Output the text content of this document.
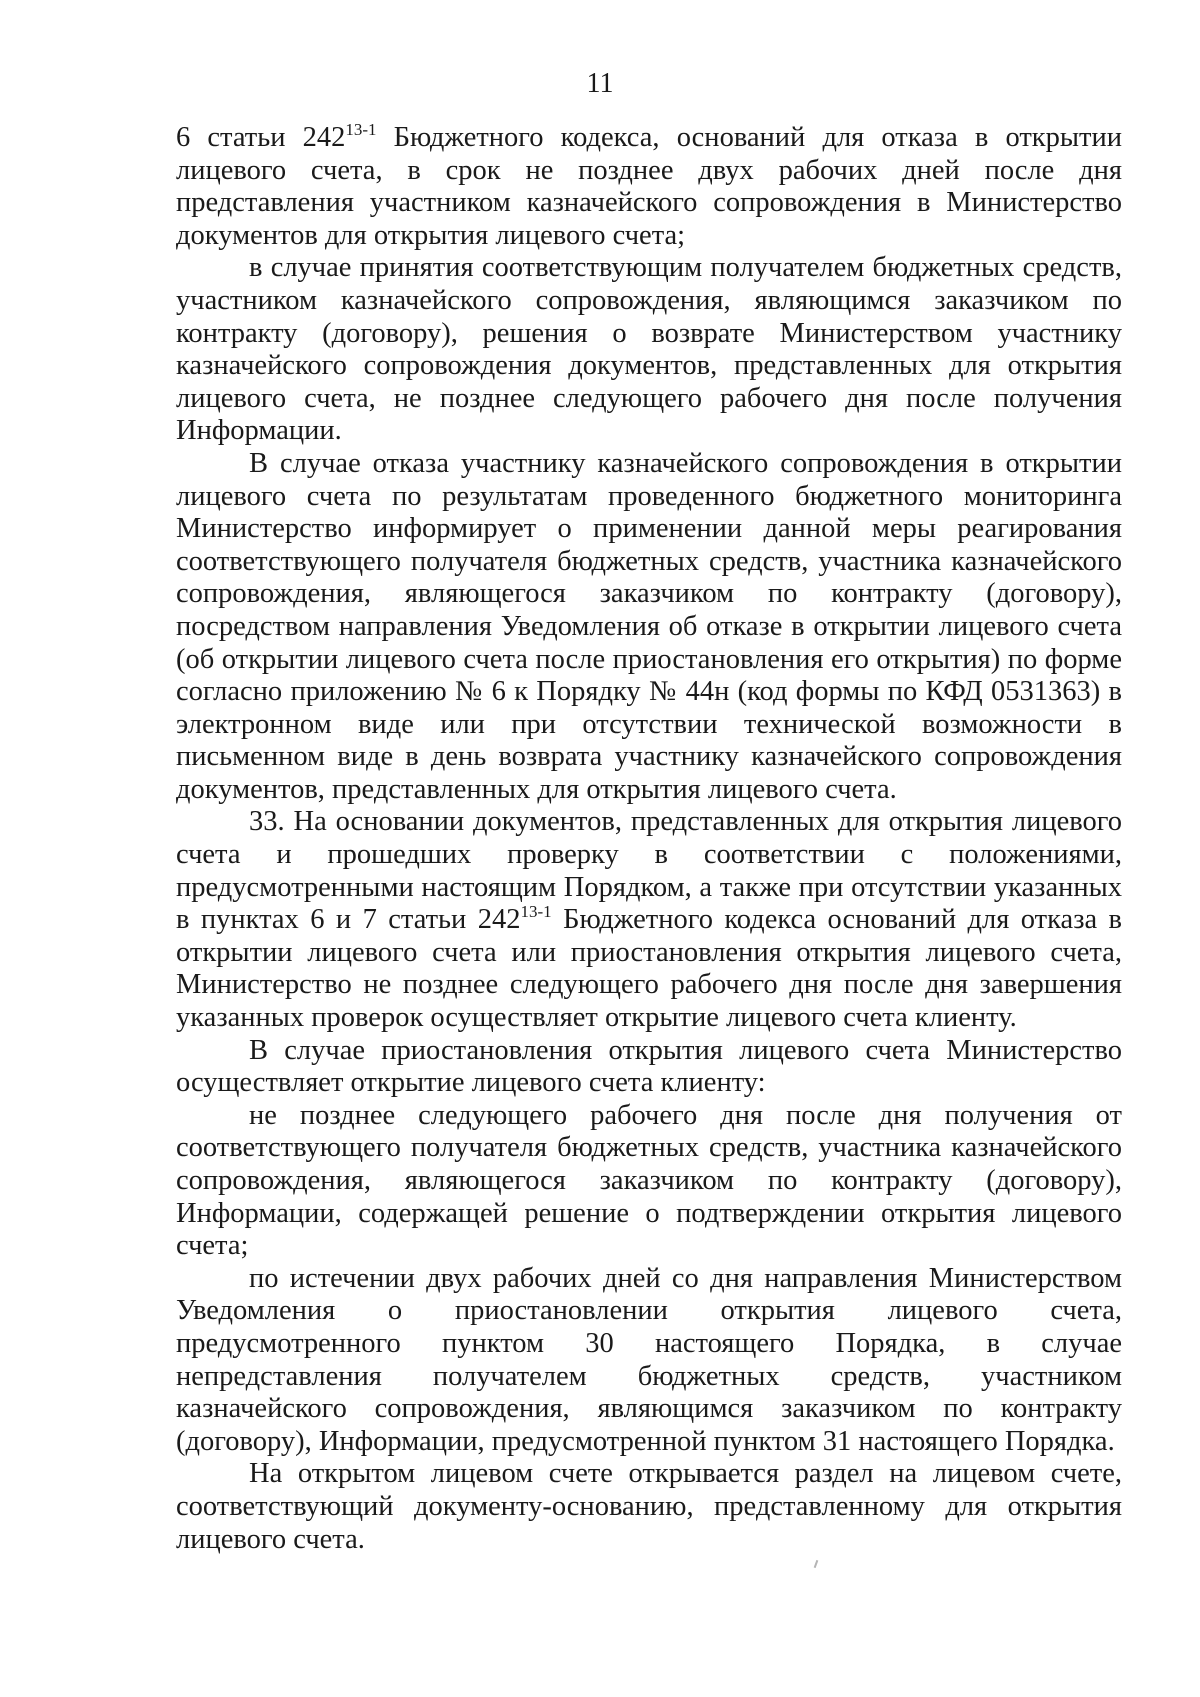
11

6 статьи 242$^{13-1}$ Бюджетного кодекса, оснований для отказа в открытии лицевого счета, в срок не позднее двух рабочих дней после дня представления участником казначейского сопровождения в Министерство документов для открытия лицевого счета;

в случае принятия соответствующим получателем бюджетных средств, участником казначейского сопровождения, являющимся заказчиком по контракту (договору), решения о возврате Министерством участнику казначейского сопровождения документов, представленных для открытия лицевого счета, не позднее следующего рабочего дня после получения Информации.

В случае отказа участнику казначейского сопровождения в открытии лицевого счета по результатам проведенного бюджетного мониторинга Министерство информирует о применении данной меры реагирования соответствующего получателя бюджетных средств, участника казначейского сопровождения, являющегося заказчиком по контракту (договору), посредством направления Уведомления об отказе в открытии лицевого счета (об открытии лицевого счета после приостановления его открытия) по форме согласно приложению № 6 к Порядку № 44н (код формы по КФД 0531363) в электронном виде или при отсутствии технической возможности в письменном виде в день возврата участнику казначейского сопровождения документов, представленных для открытия лицевого счета.

33. На основании документов, представленных для открытия лицевого счета и прошедших проверку в соответствии с положениями, предусмотренными настоящим Порядком, а также при отсутствии указанных в пунктах 6 и 7 статьи 242$^{13-1}$ Бюджетного кодекса оснований для отказа в открытии лицевого счета или приостановления открытия лицевого счета, Министерство не позднее следующего рабочего дня после дня завершения указанных проверок осуществляет открытие лицевого счета клиенту.

В случае приостановления открытия лицевого счета Министерство осуществляет открытие лицевого счета клиенту:

не позднее следующего рабочего дня после дня получения от соответствующего получателя бюджетных средств, участника казначейского сопровождения, являющегося заказчиком по контракту (договору), Информации, содержащей решение о подтверждении открытия лицевого счета;

по истечении двух рабочих дней со дня направления Министерством Уведомления о приостановлении открытия лицевого счета, предусмотренного пунктом 30 настоящего Порядка, в случае непредставления получателем бюджетных средств, участником казначейского сопровождения, являющимся заказчиком по контракту (договору), Информации, предусмотренной пунктом 31 настоящего Порядка.

На открытом лицевом счете открывается раздел на лицевом счете, соответствующий документу-основанию, представленному для открытия лицевого счета.
